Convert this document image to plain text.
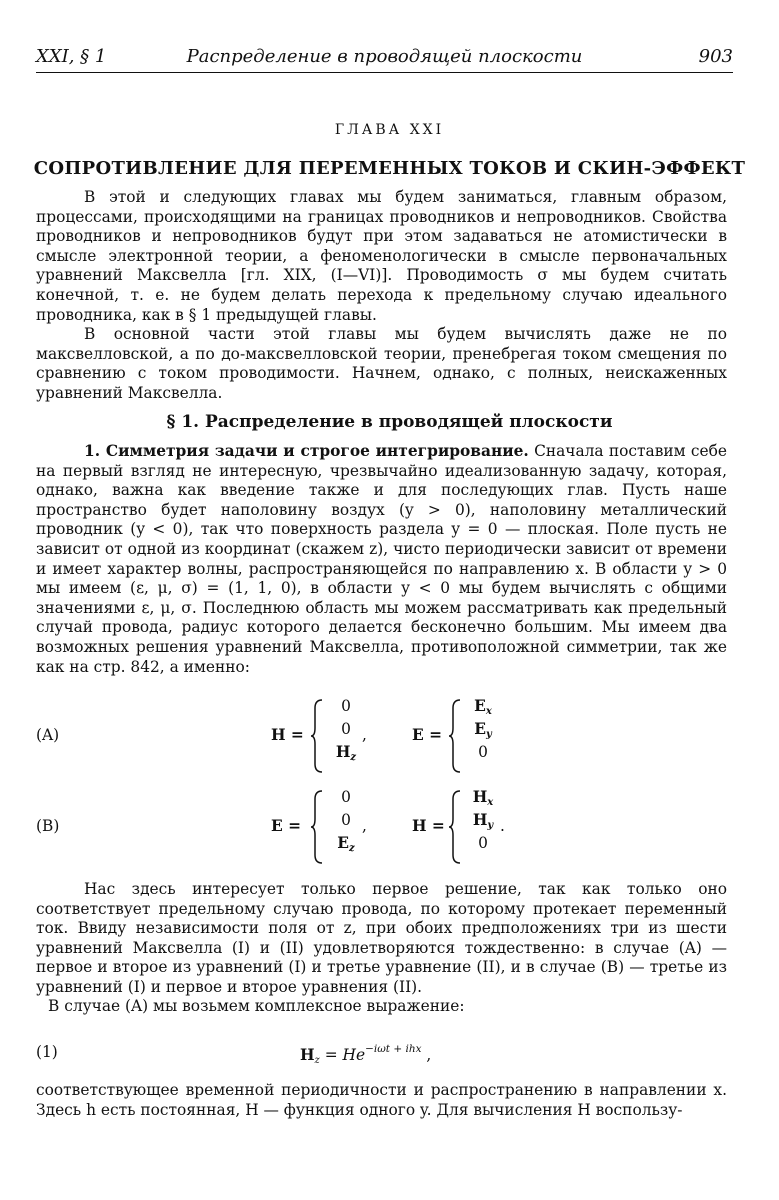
XXI, § 1	Распределение в проводящей плоскости	903
ГЛАВА XXI
СОПРОТИВЛЕНИЕ ДЛЯ ПЕРЕМЕННЫХ ТОКОВ И СКИН-ЭФФЕКТ
В этой и следующих главах мы будем заниматься, главным образом, процессами, происходящими на границах проводников и непроводников. Свойства проводников и непроводников будут при этом задаваться не атомистически в смысле электронной теории, а феноменологически в смысле первоначальных уравнений Максвелла [гл. XIX, (I—VI)]. Проводимость σ мы будем считать конечной, т. е. не будем делать перехода к предельному случаю идеального проводника, как в § 1 предыдущей главы.
В основной части этой главы мы будем вычислять даже не по максвелловской, а по до-максвелловской теории, пренебрегая током смещения по сравнению с током проводимости. Начнем, однако, с полных, неискаженных уравнений Максвелла.
§ 1. Распределение в проводящей плоскости
1. Симметрия задачи и строгое интегрирование. Сначала поставим себе на первый взгляд не интересную, чрезвычайно идеализованную задачу, которая, однако, важна как введение также и для последующих глав. Пусть наше пространство будет наполовину воздух (y > 0), наполовину металлический проводник (y < 0), так что поверхность раздела y = 0 — плоская. Поле пусть не зависит от одной из координат (скажем z), чисто периодически зависит от времени и имеет характер волны, распространяющейся по направлению x. В области y > 0 мы имеем (ε, μ, σ) = (1, 1, 0), в области y < 0 мы будем вычислять с общими значениями ε, μ, σ. Последнюю область мы можем рассматривать как предельный случай провода, радиус которого делается бесконечно большим. Мы имеем два возможных решения уравнений Максвелла, противоположной симметрии, так же как на стр. 842, а именно:
(A)	H =
0
0
$H_z$
,	E =
$E_x$
$E_y$
0
(B)	E =
0
0
$E_z$
,	H =
$H_x$
$H_y$
0
.
Нас здесь интересует только первое решение, так как только оно соответствует предельному случаю провода, по которому протекает переменный ток. Ввиду независимости поля от z, при обоих предположениях три из шести уравнений Максвелла (I) и (II) удовлетворяются тождественно: в случае (A) — первое и второе из уравнений (I) и третье уравнение (II), и в случае (B) — третье из уравнений (I) и первое и второе уравнения (II).
В случае (A) мы возьмем комплексное выражение:
(1)	$H_z = He^{-i\omega t + ihx}$ ,
соответствующее временной периодичности и распространению в направлении x. Здесь h есть постоянная, H — функция одного y. Для вычисления H воспользу-
